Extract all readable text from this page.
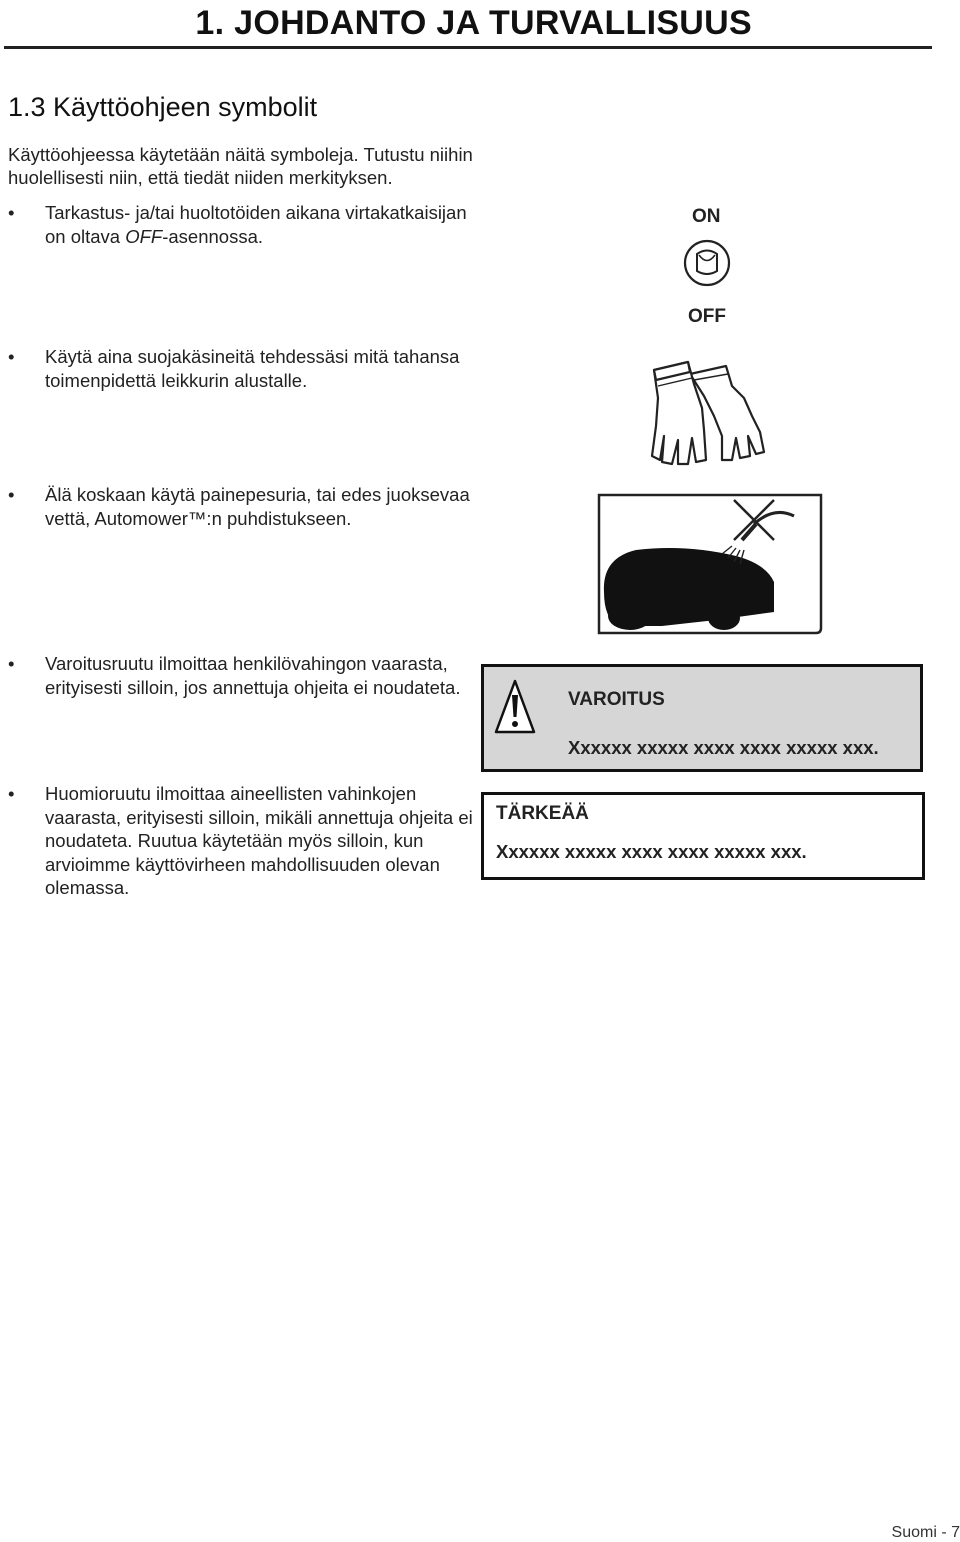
1. JOHDANTO JA TURVALLISUUS
1.3 Käyttöohjeen symbolit
Käyttöohjeessa käytetään näitä symboleja. Tutustu niihin huolellisesti niin, että tiedät niiden merkityksen.
• Tarkastus- ja/tai huoltotöiden aikana virtakatkaisijan on oltava OFF-asennossa.
• Käytä aina suojakäsineitä tehdessäsi mitä tahansa toimenpidettä leikkurin alustalle.
• Älä koskaan käytä painepesuria, tai edes juoksevaa vettä, Automower™:n puhdistukseen.
• Varoitusruutu ilmoittaa henkilövahingon vaarasta, erityisesti silloin, jos annettuja ohjeita ei noudateta.
• Huomioruutu ilmoittaa aineellisten vahinkojen vaarasta, erityisesti silloin, mikäli annettuja ohjeita ei noudateta. Ruutua käytetään myös silloin, kun arvioimme käyttövirheen mahdollisuuden olevan olemassa.
ON
OFF
VAROITUS
Xxxxxx xxxxx xxxx xxxx xxxxx xxx.
TÄRKEÄÄ
Xxxxxx xxxxx xxxx xxxx xxxxx xxx.
Suomi - 7
